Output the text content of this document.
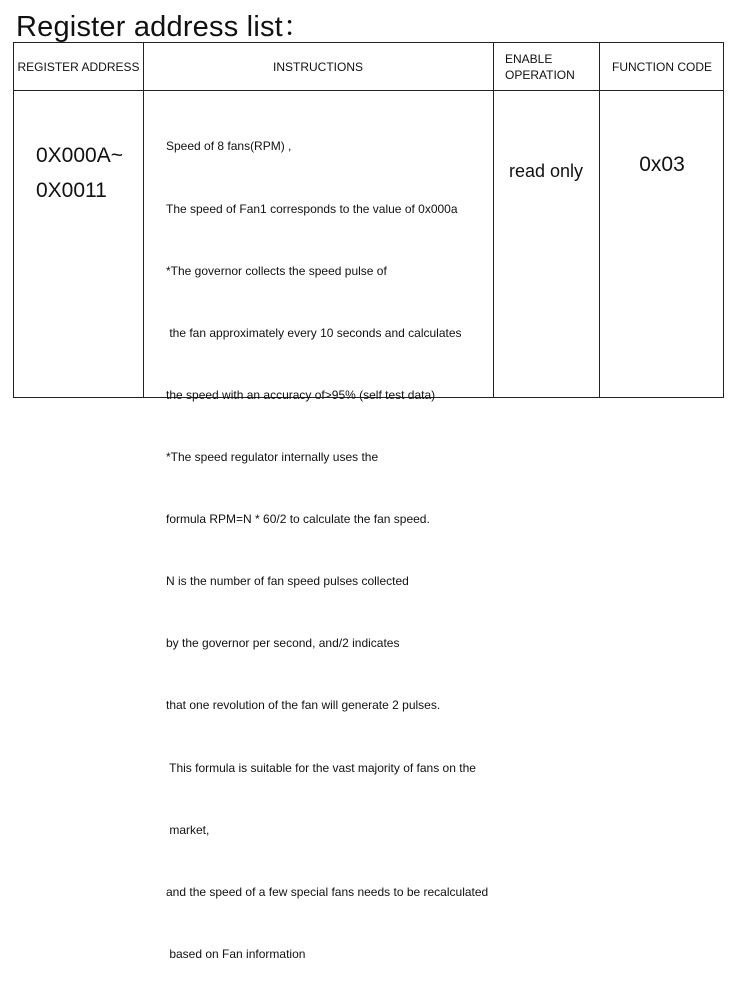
Register address list：
REGISTER ADDRESS	INSTRUCTIONS
ENABLE
OPERATION
FUNCTION CODE
0X000A~
0X0011

Speed of 8 fans(RPM) ,

The speed of Fan1 corresponds to the value of 0x000a

*The governor collects the speed pulse of

the fan approximately every 10 seconds and calculates

the speed with an accuracy of>95% (self test data)

*The speed regulator internally uses the

formula RPM=N * 60/2 to calculate the fan speed.

N is the number of fan speed pulses collected

by the governor per second, and/2 indicates

that one revolution of the fan will generate 2 pulses.

This formula is suitable for the vast majority of fans on the

market,

and the speed of a few special fans needs to be recalculated

based on Fan information

read only	0x03
